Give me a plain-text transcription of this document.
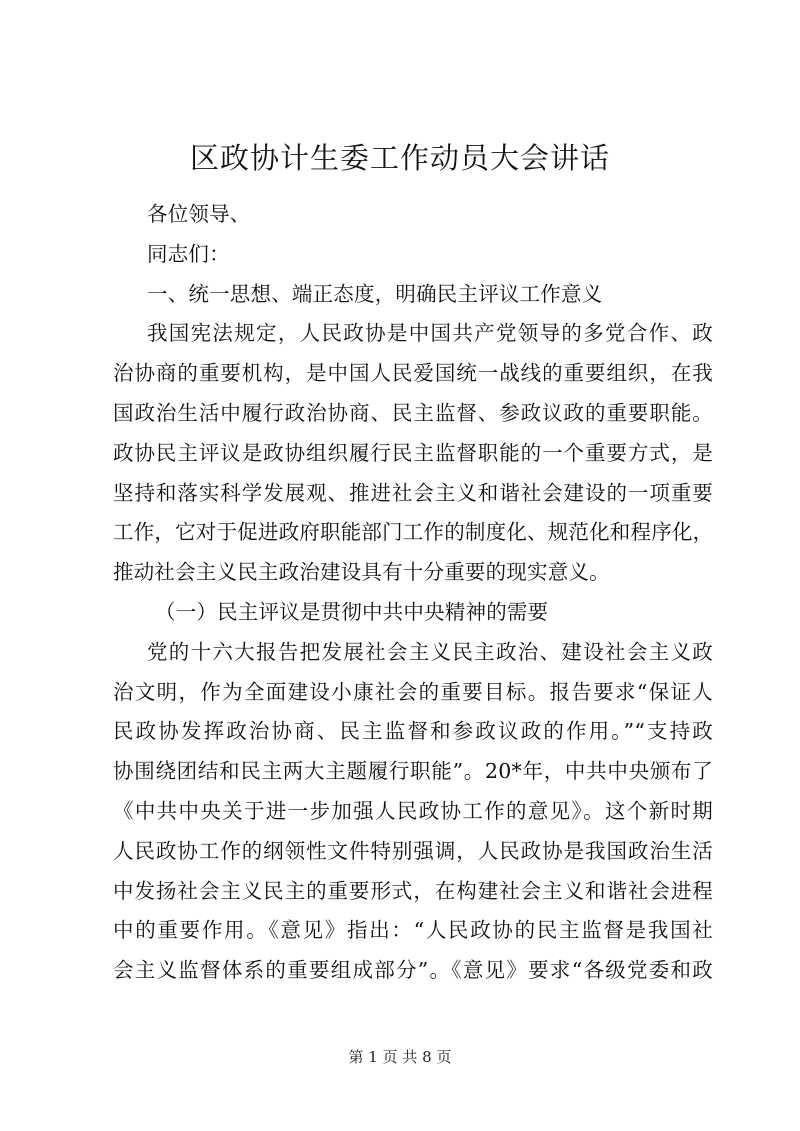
区政协计生委工作动员大会讲话
各位领导、
同志们：
一、统一思想、端正态度，明确民主评议工作意义
我国宪法规定，人民政协是中国共产党领导的多党合作、政
治协商的重要机构，是中国人民爱国统一战线的重要组织，在我
国政治生活中履行政治协商、民主监督、参政议政的重要职能。
政协民主评议是政协组织履行民主监督职能的一个重要方式，是
坚持和落实科学发展观、推进社会主义和谐社会建设的一项重要
工作，它对于促进政府职能部门工作的制度化、规范化和程序化，
推动社会主义民主政治建设具有十分重要的现实意义。
（一）民主评议是贯彻中共中央精神的需要
党的十六大报告把发展社会主义民主政治、建设社会主义政
治文明，作为全面建设小康社会的重要目标。报告要求“保证人
民政协发挥政治协商、民主监督和参政议政的作用。”“支持政
协围绕团结和民主两大主题履行职能”。20*年，中共中央颁布了
《中共中央关于进一步加强人民政协工作的意见》。这个新时期
人民政协工作的纲领性文件特别强调，人民政协是我国政治生活
中发扬社会主义民主的重要形式，在构建社会主义和谐社会进程
中的重要作用。《意见》指出：“人民政协的民主监督是我国社
会主义监督体系的重要组成部分”。《意见》要求“各级党委和政
第 1 页 共 8 页
